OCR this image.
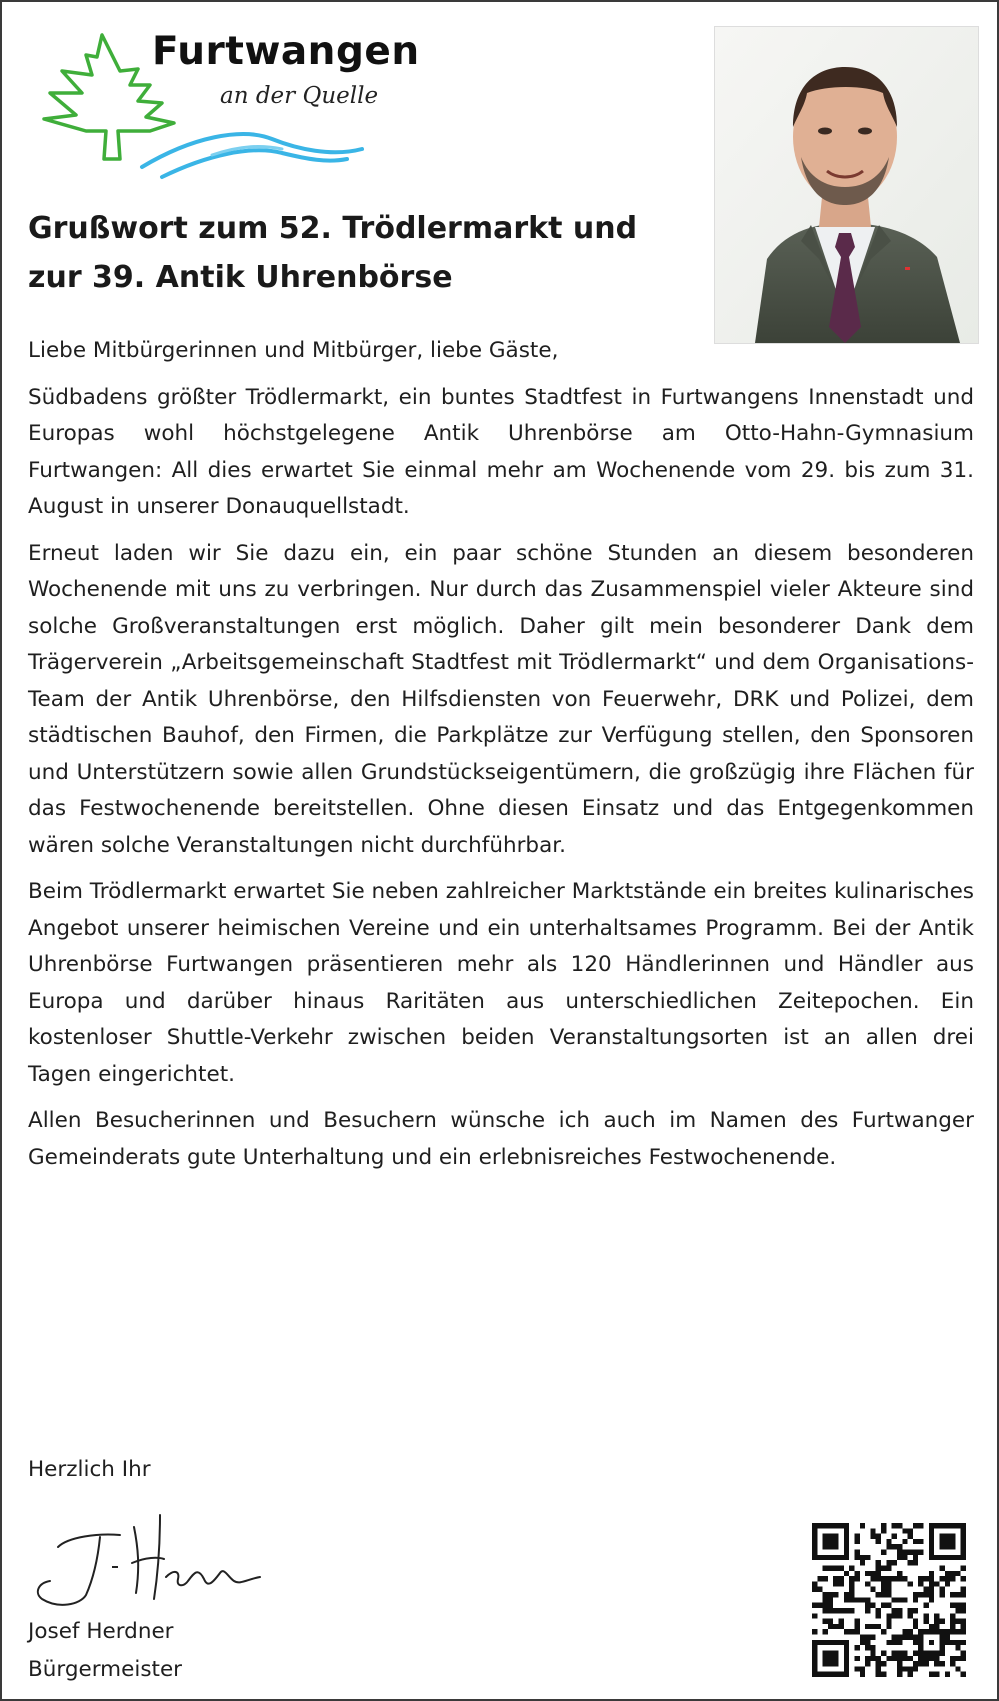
Furtwangen
an der Quelle
Grußwort zum 52. Trödlermarkt und
zur 39. Antik Uhrenbörse

Liebe Mitbürgerinnen und Mitbürger, liebe Gäste,

Südbadens größter Trödlermarkt, ein buntes Stadtfest in Furtwangens Innenstadt und Europas wohl höchstgelegene Antik Uhrenbörse am Otto-Hahn-Gymnasium Furtwangen: All dies erwartet Sie einmal mehr am Wochenende vom 29. bis zum 31. August in unserer Donauquellstadt.

Erneut laden wir Sie dazu ein, ein paar schöne Stunden an diesem besonderen Wochenende mit uns zu verbringen. Nur durch das Zusammenspiel vieler Akteure sind solche Großveranstaltungen erst möglich. Daher gilt mein besonderer Dank dem Trägerverein „Arbeitsgemeinschaft Stadtfest mit Trödlermarkt“ und dem Organisations-Team der Antik Uhrenbörse, den Hilfsdiensten von Feuerwehr, DRK und Polizei, dem städtischen Bauhof, den Firmen, die Parkplätze zur Verfügung stellen, den Sponsoren und Unterstützern sowie allen Grundstückseigentümern, die großzügig ihre Flächen für das Festwochenende bereitstellen. Ohne diesen Einsatz und das Entgegenkommen wären solche Veranstaltungen nicht durchführbar.

Beim Trödlermarkt erwartet Sie neben zahlreicher Marktstände ein breites kulinarisches Angebot unserer heimischen Vereine und ein unterhaltsames Programm. Bei der Antik Uhrenbörse Furtwangen präsentieren mehr als 120 Händlerinnen und Händler aus Europa und darüber hinaus Raritäten aus unterschiedlichen Zeitepochen. Ein kostenloser Shuttle-Verkehr zwischen beiden Veranstaltungsorten ist an allen drei Tagen eingerichtet.

Allen Besucherinnen und Besuchern wünsche ich auch im Namen des Furtwanger Gemeinderats gute Unterhaltung und ein erlebnisreiches Festwochenende.

Herzlich Ihr
Josef Herdner
Bürgermeister
